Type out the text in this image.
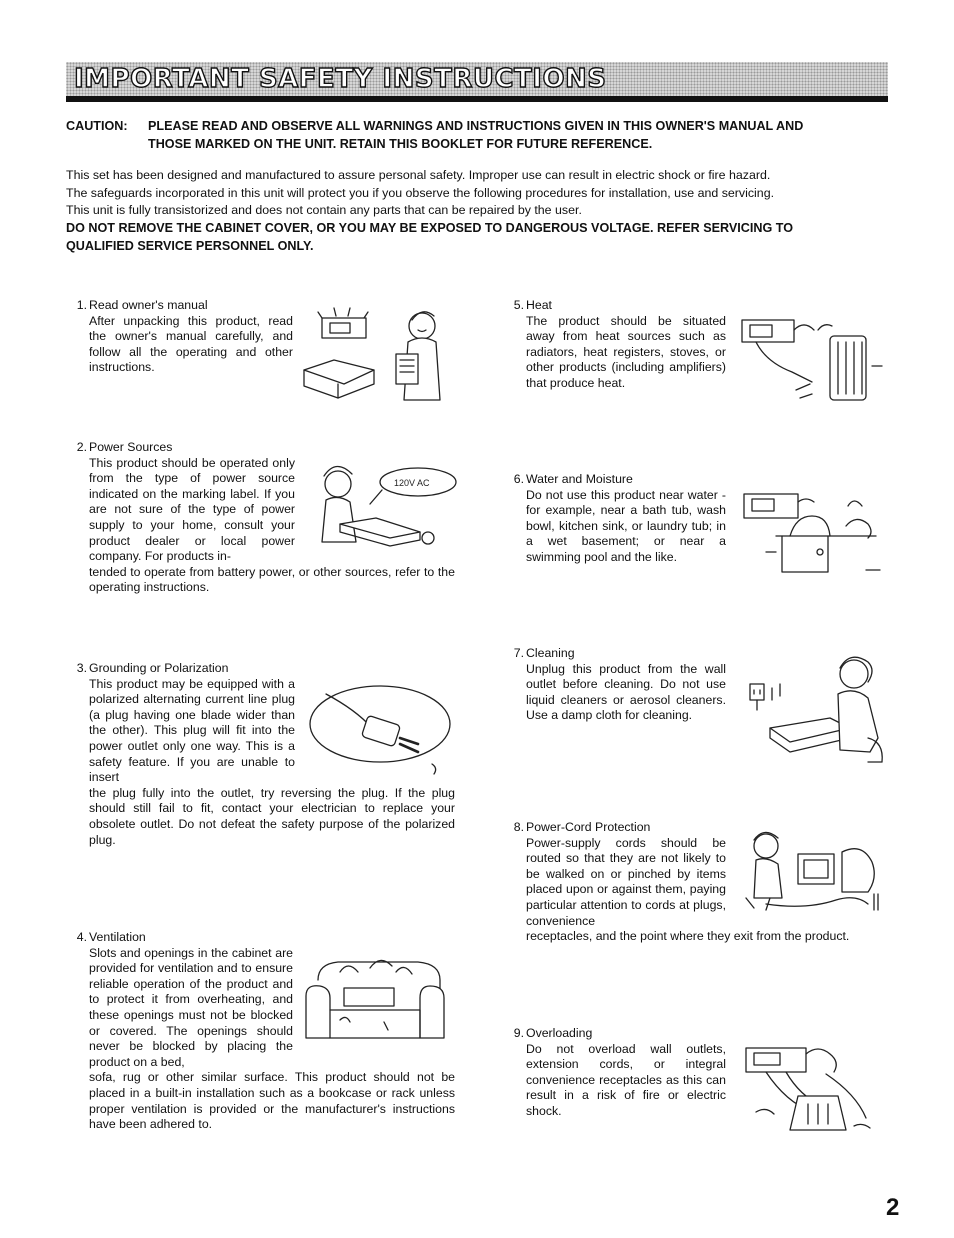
IMPORTANT SAFETY INSTRUCTIONS
CAUTION: PLEASE READ AND OBSERVE ALL WARNINGS AND INSTRUCTIONS GIVEN IN THIS OWNER'S MANUAL AND
THOSE MARKED ON THE UNIT. RETAIN THIS BOOKLET FOR FUTURE REFERENCE.
This set has been designed and manufactured to assure personal safety. Improper use can result in electric shock or fire hazard.
The safeguards incorporated in this unit will protect you if you observe the following procedures for installation, use and servicing.
This unit is fully transistorized and does not contain any parts that can be repaired by the user.
DO NOT REMOVE THE CABINET COVER, OR YOU MAY BE EXPOSED TO DANGEROUS VOLTAGE. REFER SERVICING TO
QUALIFIED SERVICE PERSONNEL ONLY.
1. Read owner's manual
After unpacking this product, read the owner's manual carefully, and follow all the operating and other instructions.
2. Power Sources
This product should be operated only from the type of power source indicated on the marking label. If you are not sure of the type of power supply to your home, consult your product dealer or local power company. For products in-
tended to operate from battery power, or other sources, refer to the operating instructions.
120V AC
3. Grounding or Polarization
This product may be equipped with a polarized alternating current line plug (a plug having one blade wider than the other). This plug will fit into the power outlet only one way. This is a safety feature. If you are unable to insert
the plug fully into the outlet, try reversing the plug. If the plug should still fail to fit, contact your electrician to replace your obsolete outlet. Do not defeat the safety purpose of the polarized plug.
4. Ventilation
Slots and openings in the cabinet are provided for ventilation and to ensure reliable operation of the product and to protect it from overheating, and these openings must not be blocked or covered. The openings should never be blocked by placing the product on a bed,
sofa, rug or other similar surface. This product should not be placed in a built-in installation such as a bookcase or rack unless proper ventilation is provided or the manufacturer's instructions have been adhered to.
5. Heat
The product should be situated away from heat sources such as radiators, heat registers, stoves, or other products (including amplifiers) that produce heat.
6. Water and Moisture
Do not use this product near water - for example, near a bath tub, wash bowl, kitchen sink, or laundry tub; in a wet basement; or near a swimming pool and the like.
7. Cleaning
Unplug this product from the wall outlet before cleaning. Do not use liquid cleaners or aerosol cleaners. Use a damp cloth for cleaning.
8. Power-Cord Protection
Power-supply cords should be routed so that they are not likely to be walked on or pinched by items placed upon or against them, paying particular attention to cords at plugs, convenience
receptacles, and the point where they exit from the product.
9. Overloading
Do not overload wall outlets, extension cords, or integral convenience receptacles as this can result in a risk of fire or electric shock.
2
